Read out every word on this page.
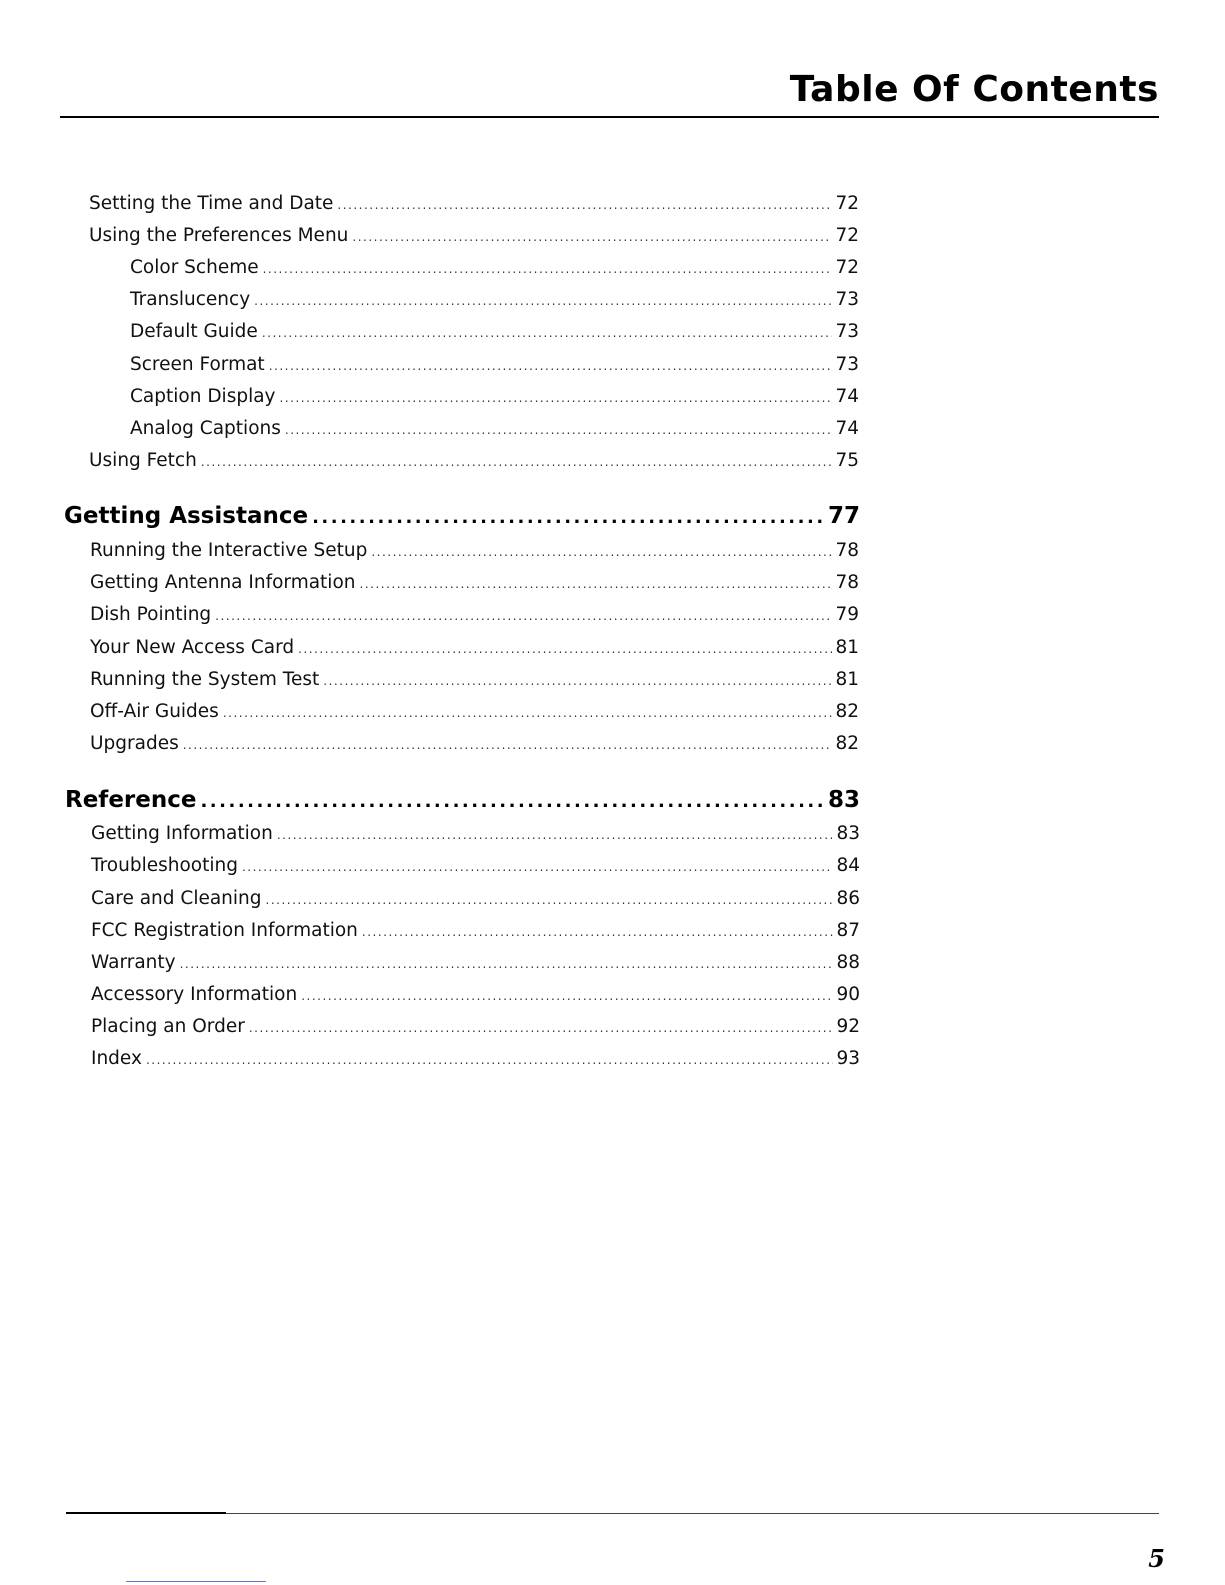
Table Of Contents
Setting the Time and Date .....	72
Using the Preferences Menu .....	72
Color Scheme .....	72
Translucency .....	73
Default Guide .....	73
Screen Format .....	73
Caption Display .....	74
Analog Captions .....	74
Using Fetch .....	75
Getting Assistance .....	77
Running the Interactive Setup .....	78
Getting Antenna Information .....	78
Dish Pointing .....	79
Your New Access Card .....	81
Running the System Test .....	81
Off-Air Guides .....	82
Upgrades .....	82
Reference .....	83
Getting Information .....	83
Troubleshooting .....	84
Care and Cleaning .....	86
FCC Registration Information .....	87
Warranty .....	88
Accessory Information .....	90
Placing an Order .....	92
Index .....	93

5
